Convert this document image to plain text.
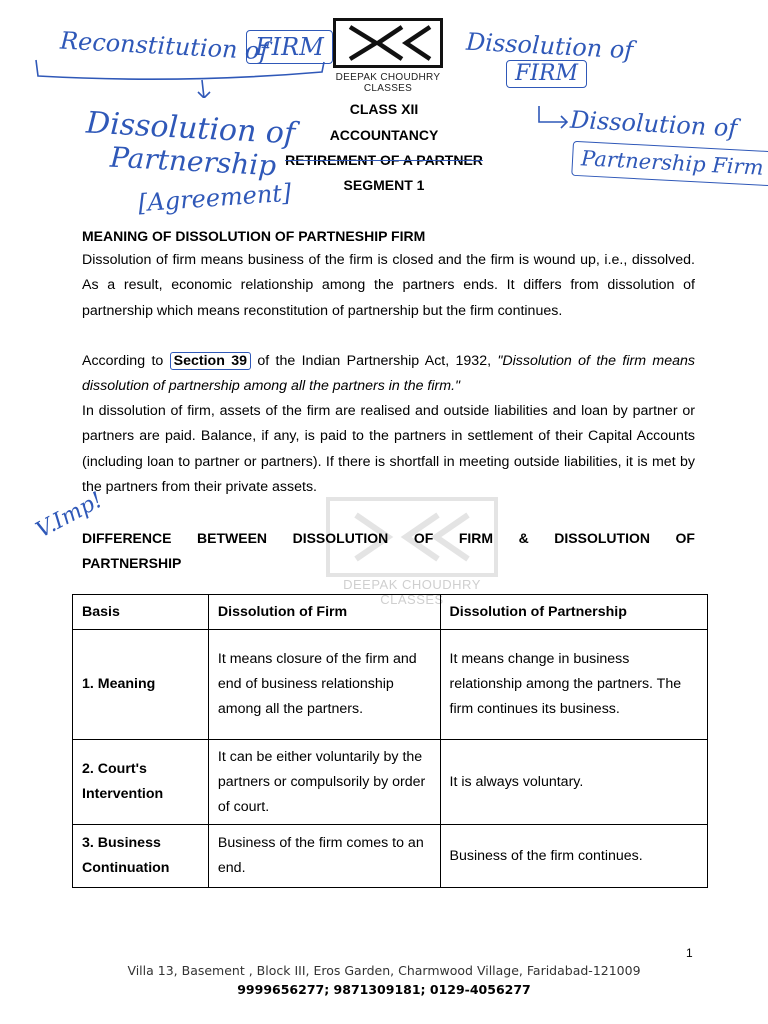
DEEPAK CHOUDHRY CLASSES
DEEPAK CHOUDHRY CLASSES
Reconstitution of
FIRM	Dissolution of
FIRM
Dissolution of
Partnership
[Agreement]
Dissolution of
Partnership Firm
V.Imp!
CLASS XII
ACCOUNTANCY
RETIREMENT OF A PARTNER
SEGMENT 1
MEANING OF DISSOLUTION OF PARTNESHIP FIRM
Dissolution of firm means business of the firm is closed and the firm is wound up, i.e., dissolved. As a result, economic relationship among the partners ends. It differs from dissolution of partnership which means reconstitution of partnership but the firm continues.
According to Section 39 of the Indian Partnership Act, 1932, "Dissolution of the firm means dissolution of partnership among all the partners in the firm."
In dissolution of firm, assets of the firm are realised and outside liabilities and loan by partner or partners are paid. Balance, if any, is paid to the partners in settlement of their Capital Accounts (including loan to partner or partners). If there is shortfall in meeting outside liabilities, it is met by the partners from their private assets.
DIFFERENCE BETWEEN DISSOLUTION OF FIRM & DISSOLUTION OF
PARTNERSHIP
Basis	Dissolution of Firm	Dissolution of Partnership
1. Meaning	It means closure of the firm and end of business relationship among all the partners.	It means change in business relationship among the partners. The firm continues its business.
2. Court's Intervention	It can be either voluntarily by the partners or compulsorily by order of court.	It is always voluntary.
3. Business Continuation	Business of the firm comes to an end.	Business of the firm continues.
1
Villa 13, Basement , Block III, Eros Garden, Charmwood Village, Faridabad-121009
9999656277; 9871309181; 0129-4056277
